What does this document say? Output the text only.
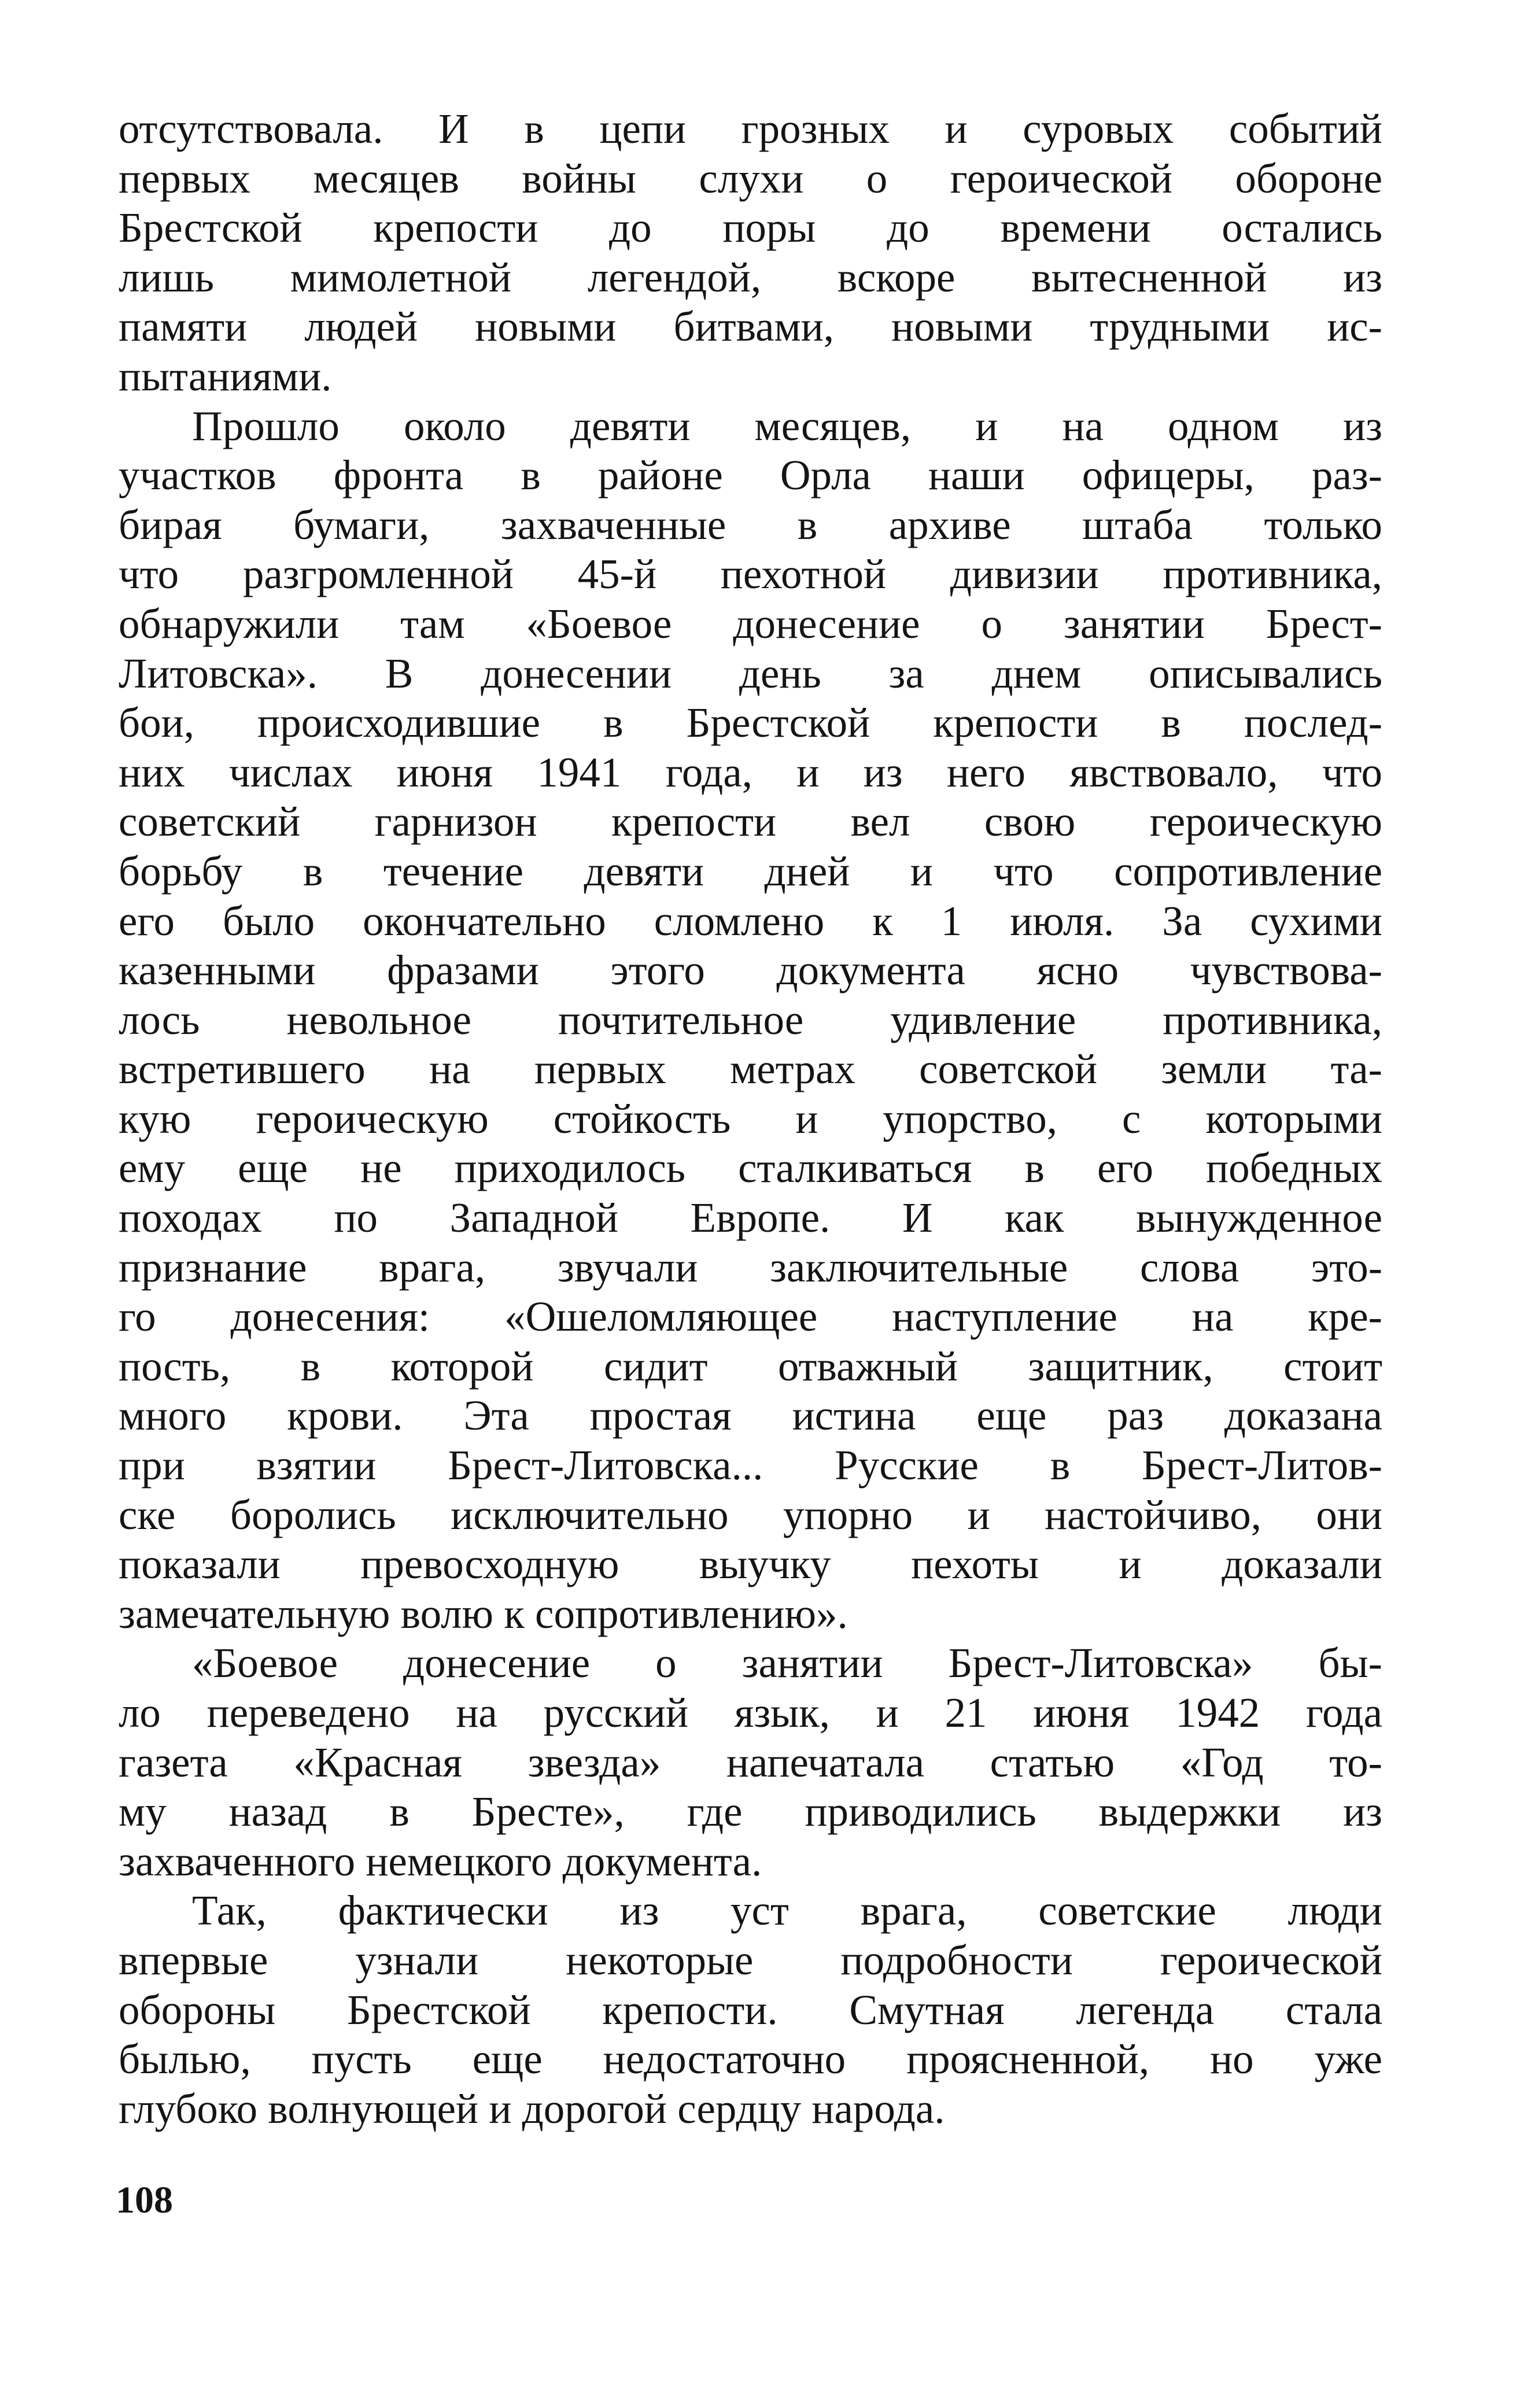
отсутствовала. И в цепи грозных и суровых событий
первых месяцев войны слухи о героической обороне
Брестской крепости до поры до времени остались
лишь мимолетной легендой, вскоре вытесненной из
памяти людей новыми битвами, новыми трудными ис-
пытаниями.
Прошло около девяти месяцев, и на одном из
участков фронта в районе Орла наши офицеры, раз-
бирая бумаги, захваченные в архиве штаба только
что разгромленной 45-й пехотной дивизии противника,
обнаружили там «Боевое донесение о занятии Брест-
Литовска». В донесении день за днем описывались
бои, происходившие в Брестской крепости в послед-
них числах июня 1941 года, и из него явствовало, что
советский гарнизон крепости вел свою героическую
борьбу в течение девяти дней и что сопротивление
его было окончательно сломлено к 1 июля. За сухими
казенными фразами этого документа ясно чувствова-
лось невольное почтительное удивление противника,
встретившего на первых метрах советской земли та-
кую героическую стойкость и упорство, с которыми
ему еще не приходилось сталкиваться в его победных
походах по Западной Европе. И как вынужденное
признание врага, звучали заключительные слова это-
го донесения: «Ошеломляющее наступление на кре-
пость, в которой сидит отважный защитник, стоит
много крови. Эта простая истина еще раз доказана
при взятии Брест-Литовска... Русские в Брест-Литов-
ске боролись исключительно упорно и настойчиво, они
показали превосходную выучку пехоты и доказали
замечательную волю к сопротивлению».
«Боевое донесение о занятии Брест-Литовска» бы-
ло переведено на русский язык, и 21 июня 1942 года
газета «Красная звезда» напечатала статью «Год то-
му назад в Бресте», где приводились выдержки из
захваченного немецкого документа.
Так, фактически из уст врага, советские люди
впервые узнали некоторые подробности героической
обороны Брестской крепости. Смутная легенда стала
былью, пусть еще недостаточно проясненной, но уже
глубоко волнующей и дорогой сердцу народа.
108
